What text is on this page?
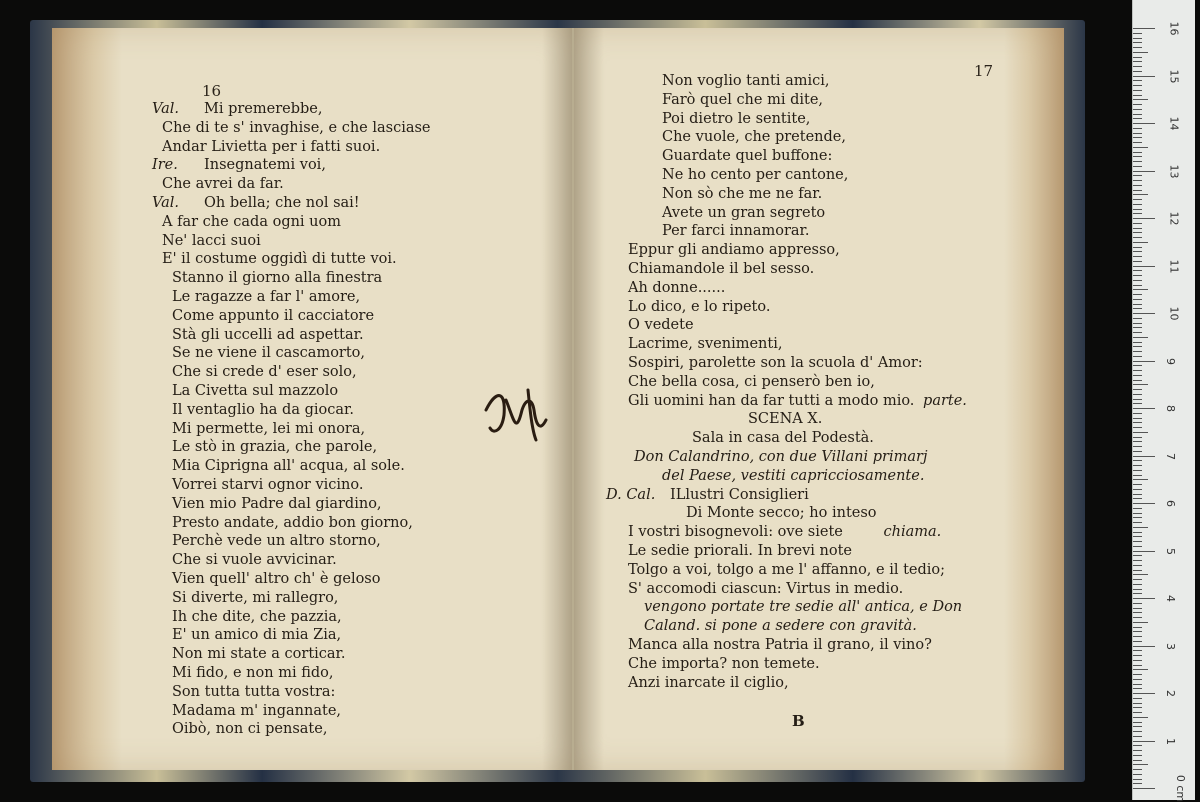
16
Val. Mi premerebbe,
Che di te s' invaghise, e che lasciase
Andar Livietta per i fatti suoi.
Ire. Insegnatemi voi,
Che avrei da far.
Val. Oh bella; che nol sai!
A far che cada ogni uom
Ne' lacci suoi
E' il costume oggidì di tutte voi.
Stanno il giorno alla finestra
Le ragazze a far l' amore,
Come appunto il cacciatore
Stà gli uccelli ad aspettar.
Se ne viene il cascamorto,
Che si crede d' eser solo,
La Civetta sul mazzolo
Il ventaglio ha da giocar.
Mi permette, lei mi onora,
Le stò in grazia, che parole,
Mia Ciprigna all' acqua, al sole.
Vorrei starvi ognor vicino.
Vien mio Padre dal giardino,
Presto andate, addio bon giorno,
Perchè vede un altro storno,
Che si vuole avvicinar.
Vien quell' altro ch' è geloso
Si diverte, mi rallegro,
Ih che dite, che pazzia,
E' un amico di mia Zia,
Non mi state a corticar.
Mi fido, e non mi fido,
Son tutta tutta vostra:
Madama m' ingannate,
Oibò, non ci pensate,
17
Non voglio tanti amici,
Farò quel che mi dite,
Poi dietro le sentite,
Che vuole, che pretende,
Guardate quel buffone:
Ne ho cento per cantone,
Non sò che me ne far.
Avete un gran segreto
Per farci innamorar.
Eppur gli andiamo appresso,
Chiamandole il bel sesso.
Ah donne......
Lo dico, e lo ripeto.
O vedete
Lacrime, svenimenti,
Sospiri, parolette son la scuola d' Amor:
Che bella cosa, ci penserò ben io,
Gli uomini han da far tutti a modo mio. parte.
SCENA X.
Sala in casa del Podestà.
Don Calandrino, con due Villani primarj
del Paese, vestiti capricciosamente.
D. Cal. ILlustri Consiglieri
Di Monte secco; ho inteso
I vostri bisognevoli: ove siete	chiama.
Le sedie priorali. In brevi note
Tolgo a voi, tolgo a me l' affanno, e il tedio;
S' accomodi ciascun: Virtus in medio.
vengono portate tre sedie all' antica, e Don
Caland. si pone a sedere con gravità.
Manca alla nostra Patria il grano, il vino?
Che importa? non temete.
Anzi inarcate il ciglio,
B
16
15
14
13
12
11
10
9
8
7
6
5
4
3
2
1
0 cm
